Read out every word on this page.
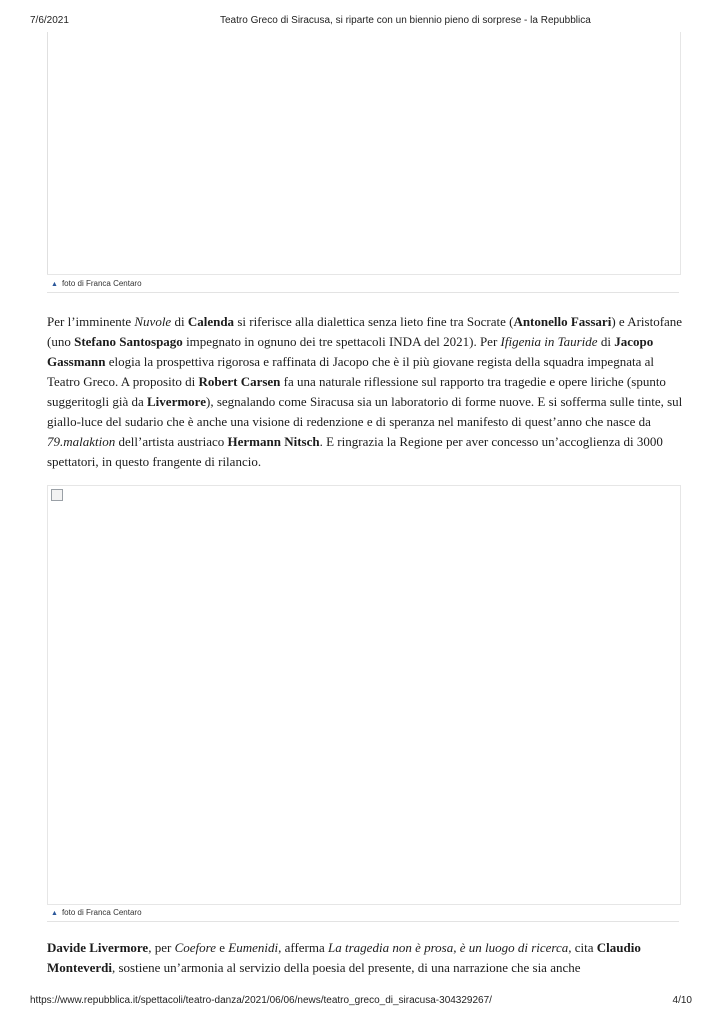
7/6/2021	Teatro Greco di Siracusa, si riparte con un biennio pieno di sorprese - la Repubblica
▲ foto di Franca Centaro

Per l’imminente Nuvole di Calenda si riferisce alla dialettica senza lieto fine tra Socrate (Antonello Fassari) e Aristofane (uno Stefano Santospago impegnato in ognuno dei tre spettacoli INDA del 2021). Per Ifigenia in Tauride di Jacopo Gassmann elogia la prospettiva rigorosa e raffinata di Jacopo che è il più giovane regista della squadra impegnata al Teatro Greco. A proposito di Robert Carsen fa una naturale riflessione sul rapporto tra tragedie e opere liriche (spunto suggeritogli già da Livermore), segnalando come Siracusa sia un laboratorio di forme nuove. E si sofferma sulle tinte, sul giallo-luce del sudario che è anche una visione di redenzione e di speranza nel manifesto di quest’anno che nasce da 79.malaktion dell’artista austriaco Hermann Nitsch. E ringrazia la Regione per aver concesso un’accoglienza di 3000 spettatori, in questo frangente di rilancio.

▲ foto di Franca Centaro

Davide Livermore, per Coefore e Eumenidi, afferma La tragedia non è prosa, è un luogo di ricerca, cita Claudio Monteverdi, sostiene un’armonia al servizio della poesia del presente, di una narrazione che sia anche

https://www.repubblica.it/spettacoli/teatro-danza/2021/06/06/news/teatro_greco_di_siracusa-304329267/	4/10
